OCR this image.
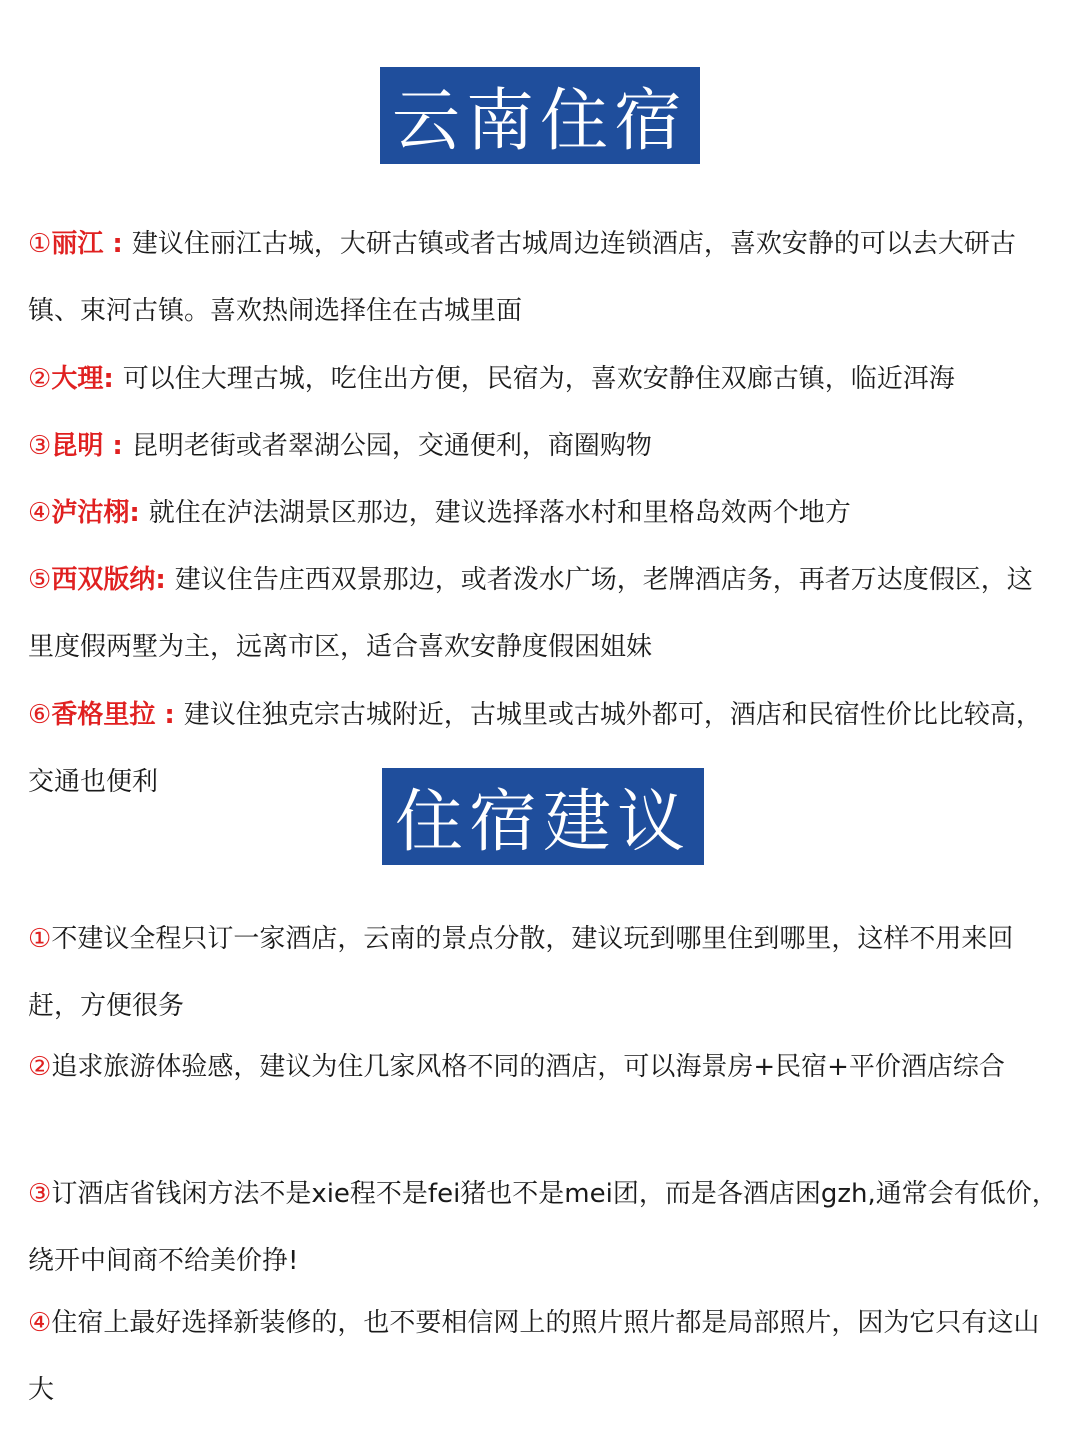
云南住宿

①丽江 : 建议住丽江古城，大研古镇或者古城周边连锁酒店，喜欢安静的可以去大研古镇、束河古镇。喜欢热闹选择住在古城里面

②大理: 可以住大理古城，吃住出方便，民宿为，喜欢安静住双廊古镇，临近洱海

③昆明 : 昆明老街或者翠湖公园，交通便利，商圈购物

④泸沽栩: 就住在泸法湖景区那边，建议选择落水村和里格岛效两个地方

⑤西双版纳: 建议住告庄西双景那边，或者泼水广场，老牌酒店务，再者万达度假区，这里度假两墅为主，远离市区，适合喜欢安静度假困姐妹

⑥香格里拉 : 建议住独克宗古城附近，古城里或古城外都可，酒店和民宿性价比比较高，交通也便利

住宿建议

①不建议全程只订一家酒店，云南的景点分散，建议玩到哪里住到哪里，这样不用来回赶，方便很务

②追求旅游体验感，建议为住几家风格不同的酒店，可以海景房+民宿+平价酒店综合

③订酒店省钱闲方法不是xie程不是fei猪也不是mei团，而是各酒店困gzh,通常会有低价，绕开中间商不给美价挣!

④住宿上最好选择新装修的，也不要相信网上的照片照片都是局部照片，因为它只有这山大
